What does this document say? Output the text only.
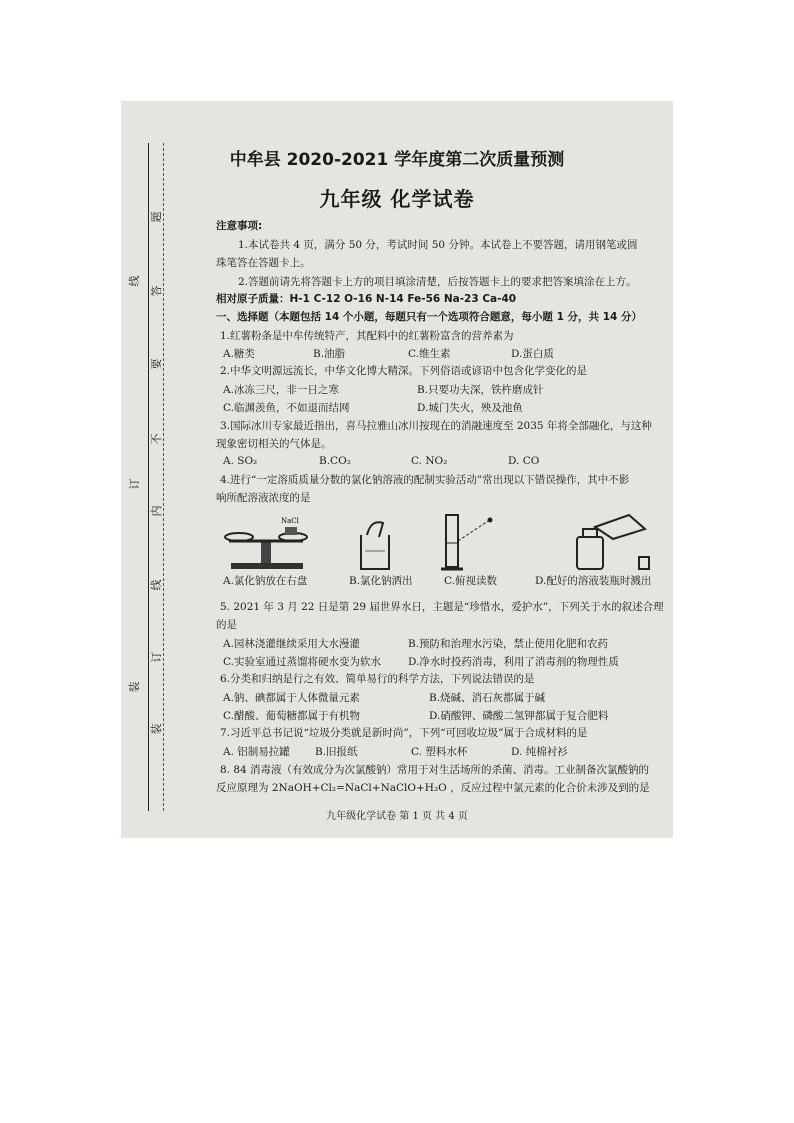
题
答
要
不
内
线
订
装
线
订
装
中牟县 2020-2021 学年度第二次质量预测
九年级 化学试卷
注意事项:
1.本试卷共 4 页，满分 50 分，考试时间 50 分钟。本试卷上不要答题，请用钢笔或圆
珠笔答在答题卡上。
2.答题前请先将答题卡上方的项目填涂清楚，后按答题卡上的要求把答案填涂在上方。
相对原子质量：H-1 C-12 O-16 N-14 Fe-56 Na-23 Ca-40
一、选择题（本题包括 14 个小题，每题只有一个选项符合题意，每小题 1 分，共 14 分）
1.红薯粉条是中牟传统特产，其配料中的红薯粉富含的营养素为
A.糖类	B.油脂	C.维生素	D.蛋白质
2.中华文明源远流长，中华文化博大精深。下列俗语或谚语中包含化学变化的是
A.冰冻三尺，非一日之寒	B.只要功夫深，铁杵磨成针
C.临渊羡鱼，不如退而结网	D.城门失火，殃及池鱼
3.国际冰川专家最近指出，喜马拉雅山冰川按现在的消融速度至 2035 年将全部融化，与这种
现象密切相关的气体是。
A. SO₂	B.CO₂	C. NO₂	D. CO
4.进行“一定溶质质量分数的氯化钠溶液的配制实验活动”常出现以下错误操作，其中不影
响所配溶液浓度的是
NaCl
A.氯化钠放在右盘	B.氯化钠洒出	C.俯视读数	D.配好的溶液装瓶时溅出
5. 2021 年 3 月 22 日是第 29 届世界水日，主题是“珍惜水，爱护水”，下列关于水的叙述合理
的是
A.园林浇灌继续采用大水漫灌	B.预防和治理水污染，禁止使用化肥和农药
C.实验室通过蒸馏将硬水变为软水	D.净水时投药消毒，利用了消毒剂的物理性质
6.分类和归纳是行之有效、简单易行的科学方法，下列说法错误的是
A.钠、碘都属于人体微量元素	B.烧碱、消石灰都属于碱
C.醋酸、葡萄糖都属于有机物	D.硝酸钾、磷酸二氢钾都属于复合肥料
7.习近平总书记说“垃圾分类就是新时尚”，下列“可回收垃圾”属于合成材料的是
A. 铝制易拉罐 B.旧报纸	C. 塑料水杯	D. 纯棉衬衫
8. 84 消毒液（有效成分为次氯酸钠）常用于对生活场所的杀菌、消毒。工业制备次氯酸钠的
反应原理为 2NaOH+Cl₂=NaCl+NaClO+H₂O ，反应过程中氯元素的化合价未涉及到的是
九年级化学试卷 第 1 页 共 4 页
